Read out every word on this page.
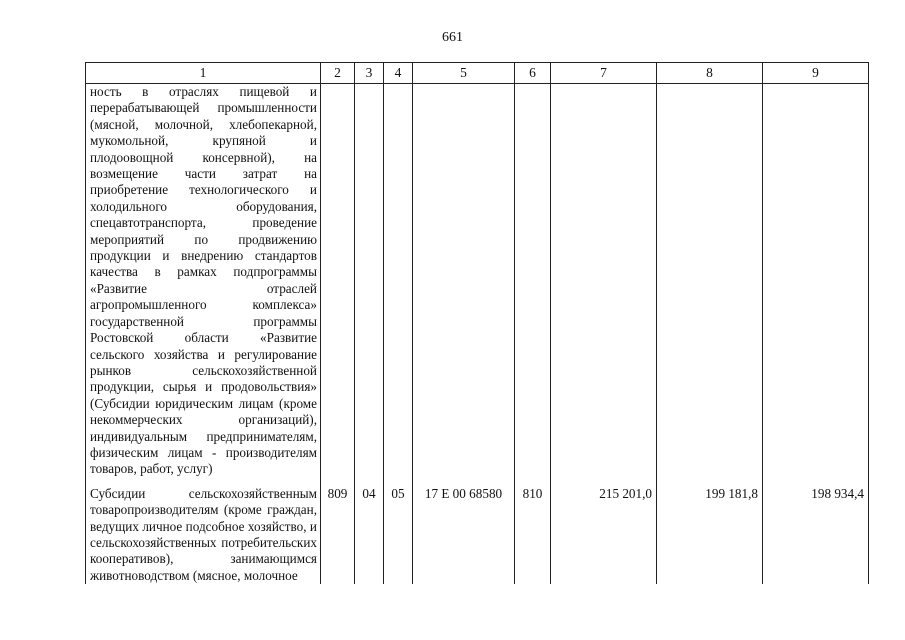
661
1	2	3	4	5	6	7	8	9
ность в отраслях пищевой и перерабатывающей промышленности (мясной, молочной, хлебопекарной, мукомольной, крупяной и плодоовощной консервной), на возмещение части затрат на приобретение технологического и холодильного оборудования, спецавтотранспорта, проведение мероприятий по продвижению продукции и внедрению стандартов качества в рамках подпрограммы «Развитие отраслей агропромышленного комплекса» государственной программы Ростовской области «Развитие сельского хозяйства и регулирование рынков сельскохозяйственной продукции, сырья и продовольствия» (Субсидии юридическим лицам (кроме некоммерческих организаций), индивидуальным предпринимателям, физическим лицам - производителям товаров, работ, услуг)								
Субсидии сельскохозяйственным товаропроизводителям (кроме граждан, ведущих личное подсобное хозяйство, и сельскохозяйственных потребительских кооперативов), занимающимся животноводством (мясное, молочное	809	04	05	17 Е 00 68580	810	215 201,0	199 181,8	198 934,4
